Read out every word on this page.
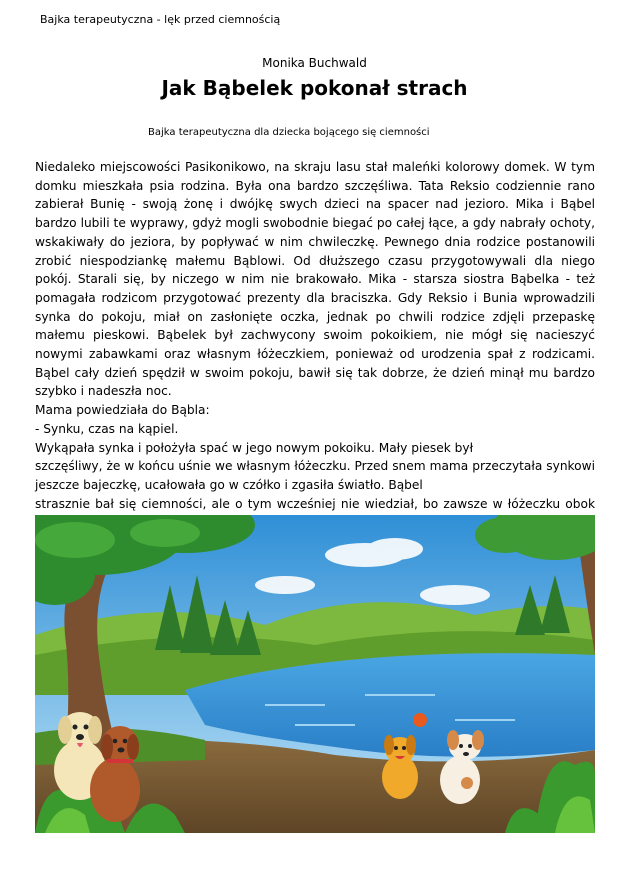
Bajka terapeutyczna - lęk przed ciemnością
Monika Buchwald
Jak Bąbelek pokonał strach
Bajka terapeutyczna dla dziecka bojącego się ciemności

Niedaleko miejscowości Pasikonikowo, na skraju lasu stał maleńki kolorowy domek. W tym domku mieszkała psia rodzina. Była ona bardzo szczęśliwa. Tata Reksio codziennie rano zabierał Bunię - swoją żonę i dwójkę swych dzieci na spacer nad jezioro. Mika i Bąbel bardzo lubili te wyprawy, gdyż mogli swobodnie biegać po całej łące, a gdy nabrały ochoty, wskakiwały do jeziora, by popływać w nim chwileczkę. Pewnego dnia rodzice postanowili zrobić niespodziankę małemu Bąblowi. Od dłuższego czasu przygotowywali dla niego pokój. Starali się, by niczego w nim nie brakowało. Mika - starsza siostra Bąbelka - też pomagała rodzicom przygotować prezenty dla braciszka. Gdy Reksio i Bunia wprowadzili synka do pokoju, miał on zasłonięte oczka, jednak po chwili rodzice zdjęli przepaskę małemu pieskowi. Bąbelek był zachwycony swoim pokoikiem, nie mógł się nacieszyć nowymi zabawkami oraz własnym łóżeczkiem, ponieważ od urodzenia spał z rodzicami. Bąbel cały dzień spędził w swoim pokoju, bawił się tak dobrze, że dzień minął mu bardzo szybko i nadeszła noc.

Mama powiedziała do Bąbla:

- Synku, czas na kąpiel.

Wykąpała synka i położyła spać w jego nowym pokoiku. Mały piesek był

szczęśliwy, że w końcu uśnie we własnym łóżeczku. Przed snem mama przeczytała synkowi jeszcze bajeczkę, ucałowała go w czółko i zgasiła światło. Bąbel

strasznie bał się ciemności, ale o tym wcześniej nie wiedział, bo zawsze w łóżeczku obok
